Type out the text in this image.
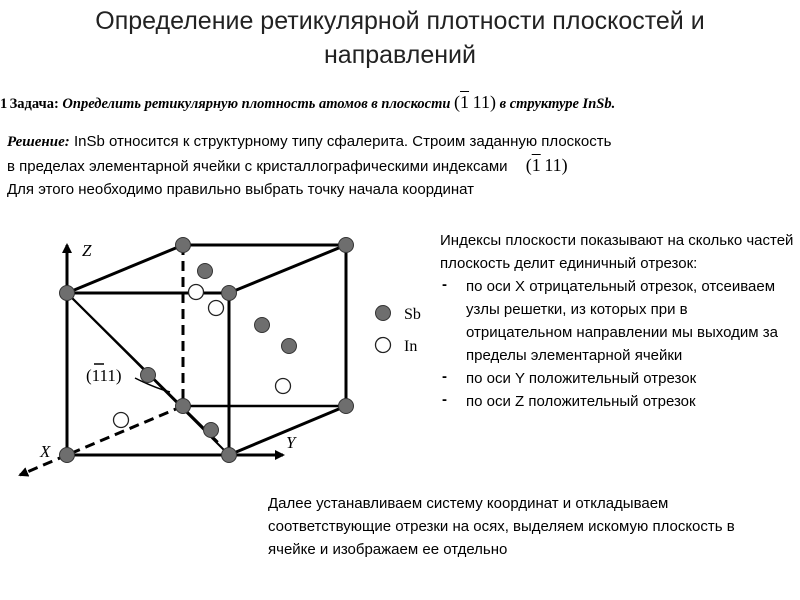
Определение ретикулярной плотности плоскостей и направлений
1 Задача: Определить ретикулярную плотность атомов в плоскости (1  11) в структуре InSb.
Решение: InSb относится к структурному типу сфалерита. Строим заданную плоскость
в пределах элементарной ячейки с кристаллографическими индексами (1  11)
Для этого необходимо правильно выбрать точку начала координат
Z
X	Y
(111)
Sb
In
Индексы плоскости показывают на сколько частей плоскость делит единичный отрезок:
- по оси X отрицательный отрезок, отсеиваем узлы решетки, из которых при в отрицательном направлении мы выходим за пределы элементарной ячейки
- по оси Y положительный отрезок
- по оси Z положительный отрезок
Далее устанавливаем систему координат и откладываем соответствующие отрезки на осях, выделяем искомую плоскость в ячейке и изображаем ее отдельно
